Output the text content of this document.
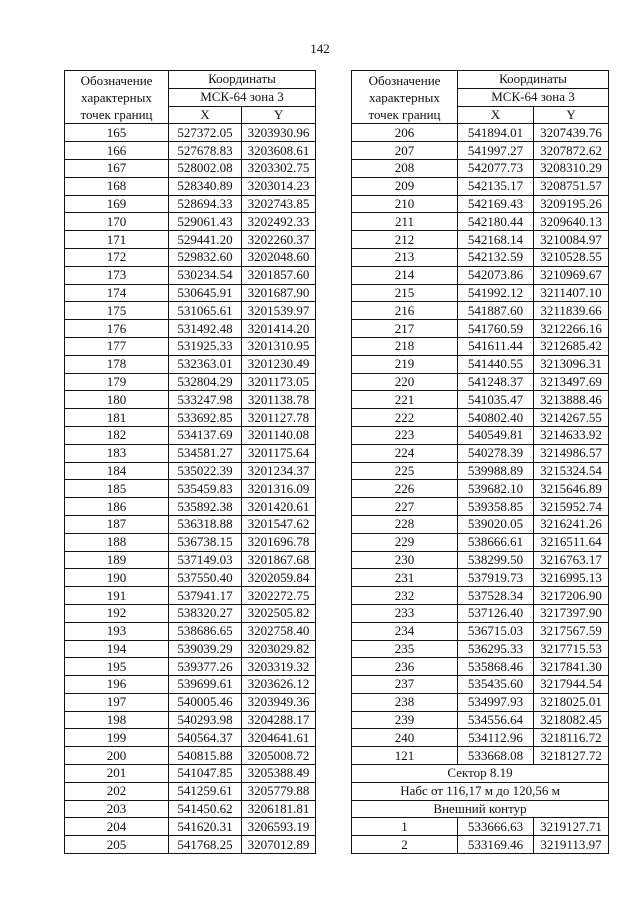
142
Обозначение
характерных
точек границ	Координаты	
	МСК-64 зона 3	
	X	Y
165	527372.05	3203930.96
166	527678.83	3203608.61
167	528002.08	3203302.75
168	528340.89	3203014.23
169	528694.33	3202743.85
170	529061.43	3202492.33
171	529441.20	3202260.37
172	529832.60	3202048.60
173	530234.54	3201857.60
174	530645.91	3201687.90
175	531065.61	3201539.97
176	531492.48	3201414.20
177	531925.33	3201310.95
178	532363.01	3201230.49
179	532804.29	3201173.05
180	533247.98	3201138.78
181	533692.85	3201127.78
182	534137.69	3201140.08
183	534581.27	3201175.64
184	535022.39	3201234.37
185	535459.83	3201316.09
186	535892.38	3201420.61
187	536318.88	3201547.62
188	536738.15	3201696.78
189	537149.03	3201867.68
190	537550.40	3202059.84
191	537941.17	3202272.75
192	538320.27	3202505.82
193	538686.65	3202758.40
194	539039.29	3203029.82
195	539377.26	3203319.32
196	539699.61	3203626.12
197	540005.46	3203949.36
198	540293.98	3204288.17
199	540564.37	3204641.61
200	540815.88	3205008.72
201	541047.85	3205388.49
202	541259.61	3205779.88
203	541450.62	3206181.81
204	541620.31	3206593.19
205	541768.25	3207012.89
Обозначение
характерных
точек границ	Координаты	
	МСК-64 зона 3	
	X	Y
206	541894.01	3207439.76
207	541997.27	3207872.62
208	542077.73	3208310.29
209	542135.17	3208751.57
210	542169.43	3209195.26
211	542180.44	3209640.13
212	542168.14	3210084.97
213	542132.59	3210528.55
214	542073.86	3210969.67
215	541992.12	3211407.10
216	541887.60	3211839.66
217	541760.59	3212266.16
218	541611.44	3212685.42
219	541440.55	3213096.31
220	541248.37	3213497.69
221	541035.47	3213888.46
222	540802.40	3214267.55
223	540549.81	3214633.92
224	540278.39	3214986.57
225	539988.89	3215324.54
226	539682.10	3215646.89
227	539358.85	3215952.74
228	539020.05	3216241.26
229	538666.61	3216511.64
230	538299.50	3216763.17
231	537919.73	3216995.13
232	537528.34	3217206.90
233	537126.40	3217397.90
234	536715.03	3217567.59
235	536295.33	3217715.53
236	535868.46	3217841.30
237	535435.60	3217944.54
238	534997.93	3218025.01
239	534556.64	3218082.45
240	534112.96	3218116.72
121	533668.08	3218127.72
Сектор 8.19		
Набс от 116,17 м до 120,56 м		
Внешний контур		
1	533666.63	3219127.71
2	533169.46	3219113.97
